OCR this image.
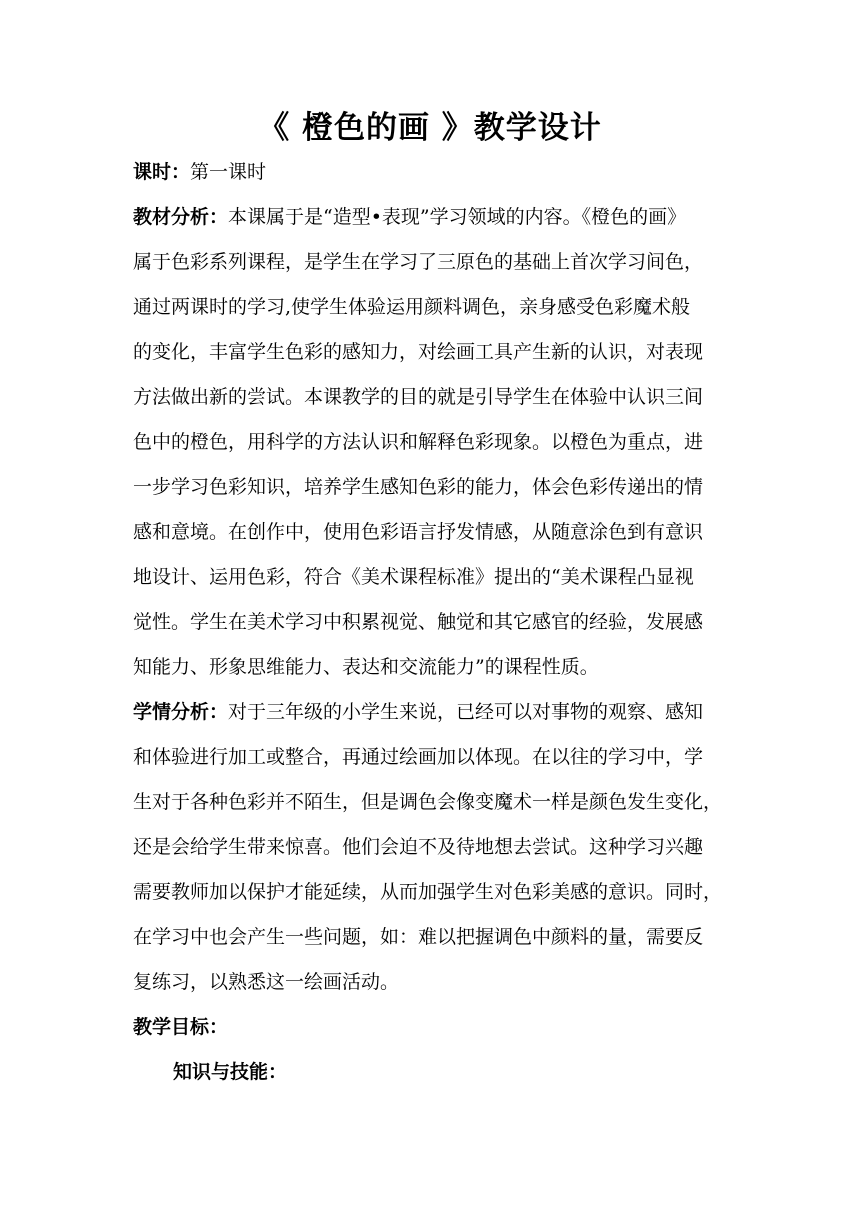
《 橙色的画 》教学设计
课时：第一课时
教材分析：本课属于是“造型•表现”学习领域的内容。《橙色的画》
属于色彩系列课程，是学生在学习了三原色的基础上首次学习间色，
通过两课时的学习,使学生体验运用颜料调色，亲身感受色彩魔术般
的变化，丰富学生色彩的感知力，对绘画工具产生新的认识，对表现
方法做出新的尝试。本课教学的目的就是引导学生在体验中认识三间
色中的橙色，用科学的方法认识和解释色彩现象。以橙色为重点，进
一步学习色彩知识，培养学生感知色彩的能力，体会色彩传递出的情
感和意境。在创作中，使用色彩语言抒发情感，从随意涂色到有意识
地设计、运用色彩，符合《美术课程标准》提出的“美术课程凸显视
觉性。学生在美术学习中积累视觉、触觉和其它感官的经验，发展感
知能力、形象思维能力、表达和交流能力”的课程性质。
学情分析：对于三年级的小学生来说，已经可以对事物的观察、感知
和体验进行加工或整合，再通过绘画加以体现。在以往的学习中，学
生对于各种色彩并不陌生，但是调色会像变魔术一样是颜色发生变化，
还是会给学生带来惊喜。他们会迫不及待地想去尝试。这种学习兴趣
需要教师加以保护才能延续，从而加强学生对色彩美感的意识。同时，
在学习中也会产生一些问题，如：难以把握调色中颜料的量，需要反
复练习，以熟悉这一绘画活动。
教学目标：
知识与技能：
